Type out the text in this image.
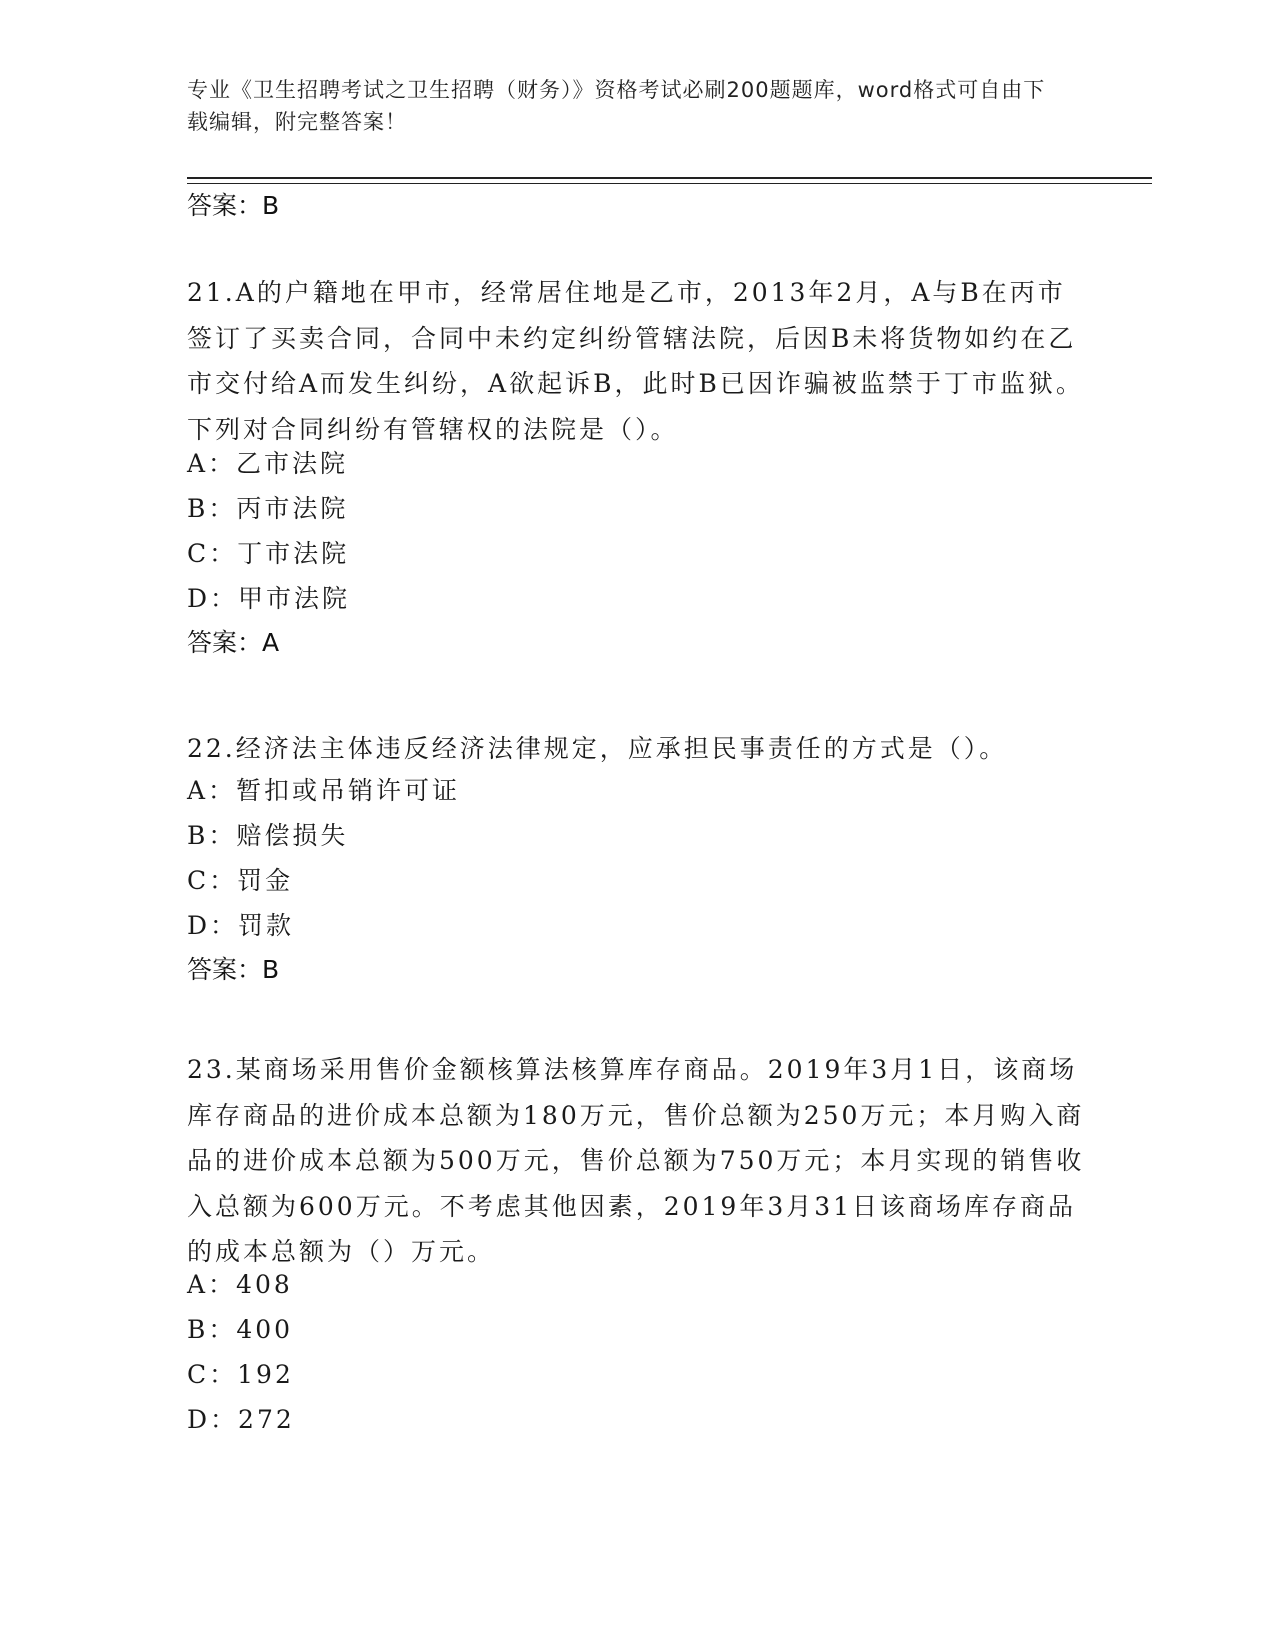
专业《卫生招聘考试之卫生招聘（财务）》资格考试必刷200题题库，word格式可自由下载编辑，附完整答案！
答案：B
21.A的户籍地在甲市，经常居住地是乙市，2013年2月，A与B在丙市签订了买卖合同，合同中未约定纠纷管辖法院，后因B未将货物如约在乙市交付给A而发生纠纷，A欲起诉B，此时B已因诈骗被监禁于丁市监狱。下列对合同纠纷有管辖权的法院是（）。
A：乙市法院
B：丙市法院
C：丁市法院
D：甲市法院
答案：A
22.经济法主体违反经济法律规定，应承担民事责任的方式是（）。
A：暂扣或吊销许可证
B：赔偿损失
C：罚金
D：罚款
答案：B
23.某商场采用售价金额核算法核算库存商品。2019年3月1日，该商场库存商品的进价成本总额为180万元，售价总额为250万元；本月购入商品的进价成本总额为500万元，售价总额为750万元；本月实现的销售收入总额为600万元。不考虑其他因素，2019年3月31日该商场库存商品的成本总额为（）万元。
A：408
B：400
C：192
D：272
